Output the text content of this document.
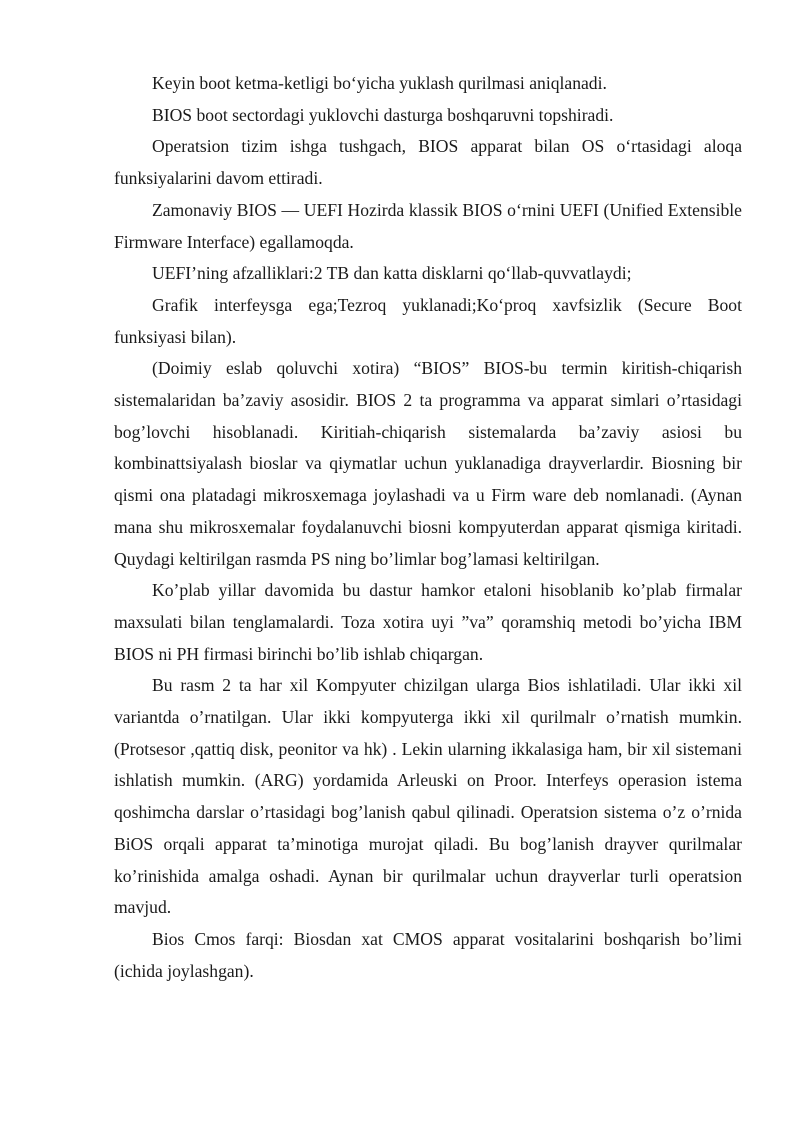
Keyin boot ketma-ketligi bo‘yicha yuklash qurilmasi aniqlanadi.

BIOS boot sectordagi yuklovchi dasturga boshqaruvni topshiradi.

Operatsion tizim ishga tushgach, BIOS apparat bilan OS o‘rtasidagi aloqa funksiyalarini davom ettiradi.

Zamonaviy BIOS — UEFI Hozirda klassik BIOS o‘rnini UEFI (Unified Extensible Firmware Interface) egallamoqda.

UEFI’ning afzalliklari:2 TB dan katta disklarni qo‘llab-quvvatlaydi;

Grafik interfeysga ega;Tezroq yuklanadi;Ko‘proq xavfsizlik (Secure Boot funksiyasi bilan).

(Doimiy eslab qoluvchi xotira) “BIOS” BIOS-bu termin kiritish-chiqarish sistemalaridan ba’zaviy asosidir. BIOS 2 ta programma va apparat simlari o’rtasidagi bog’lovchi hisoblanadi. Kiritiah-chiqarish sistemalarda ba’zaviy asiosi bu kombinattsiyalash bioslar va qiymatlar uchun yuklanadiga drayverlardir. Biosning bir qismi ona platadagi mikrosxemaga joylashadi va u Firm ware deb nomlanadi. (Aynan mana shu mikrosxemalar foydalanuvchi biosni kompyuterdan apparat qismiga kiritadi. Quydagi keltirilgan rasmda PS ning bo’limlar bog’lamasi keltirilgan.

Ko’plab yillar davomida bu dastur hamkor etaloni hisoblanib ko’plab firmalar maxsulati bilan tenglamalardi. Toza xotira uyi ”va” qoramshiq metodi bo’yicha IBM BIOS ni PH firmasi birinchi bo’lib ishlab chiqargan.

Bu rasm 2 ta har xil Kompyuter chizilgan ularga Bios ishlatiladi. Ular ikki xil variantda o’rnatilgan. Ular ikki kompyuterga ikki xil qurilmalr o’rnatish mumkin. (Protsesor ,qattiq disk, peonitor va hk) . Lekin ularning ikkalasiga ham, bir xil sistemani ishlatish mumkin. (ARG) yordamida Arleuski on Proor. Interfeys operasion istema qoshimcha darslar o’rtasidagi bog’lanish qabul qilinadi. Operatsion sistema o’z o’rnida BiOS orqali apparat ta’minotiga murojat qiladi. Bu bog’lanish drayver qurilmalar ko’rinishida amalga oshadi. Aynan bir qurilmalar uchun drayverlar turli operatsion mavjud.

Bios Cmos farqi: Biosdan xat CMOS apparat vositalarini boshqarish bo’limi (ichida joylashgan).
